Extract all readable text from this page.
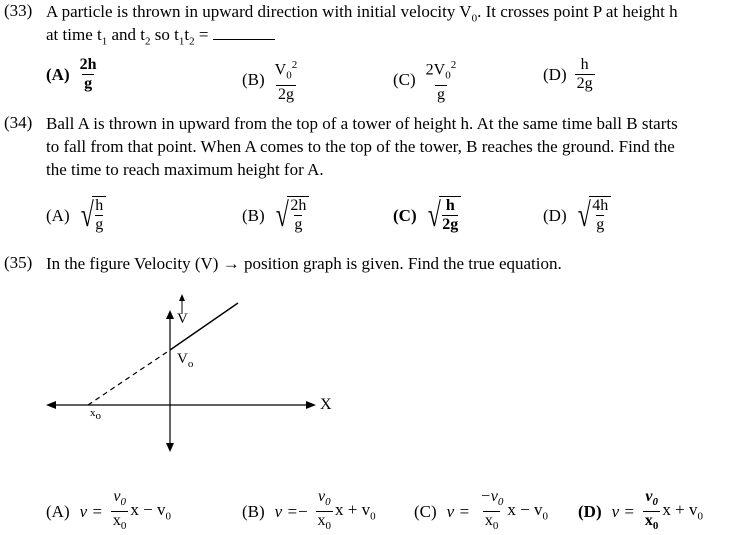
(33) A particle is thrown in upward direction with initial velocity $V_0$. It crosses point P at height h
at time $t_1$ and $t_2$ so $t_1t_2$ =
$(A) \frac{2h}{g}$	$(B) \frac{V_0^2}{2g}$	$(C) \frac{2V_0^2}{g}$	$(D) \frac{h}{2g}$
(34) Ball A is thrown in upward from the top of a tower of height h. At the same time ball B starts
to fall from that point. When A comes to the top of the tower, B reaches the ground. Find the
the time to reach maximum height for A.
(A) √ h
g	(B) √ 2h
g	(C) √ h
2g	(D) √ 4h
g
(35) In the figure Velocity (V) → position graph is given. Find the true equation.
V
$V_o$
X
$x_o$
(A) $v = \frac{v_0}{x_0}$ $x - v_0$	(B) v = − $\frac{v_0}{x_0}$ $x + v_0$ (C) $v = \frac{-v_0}{x_0}$ $x - v_0$ (D) $v = \frac{v_0}{x_0}$ $x + v_0$
